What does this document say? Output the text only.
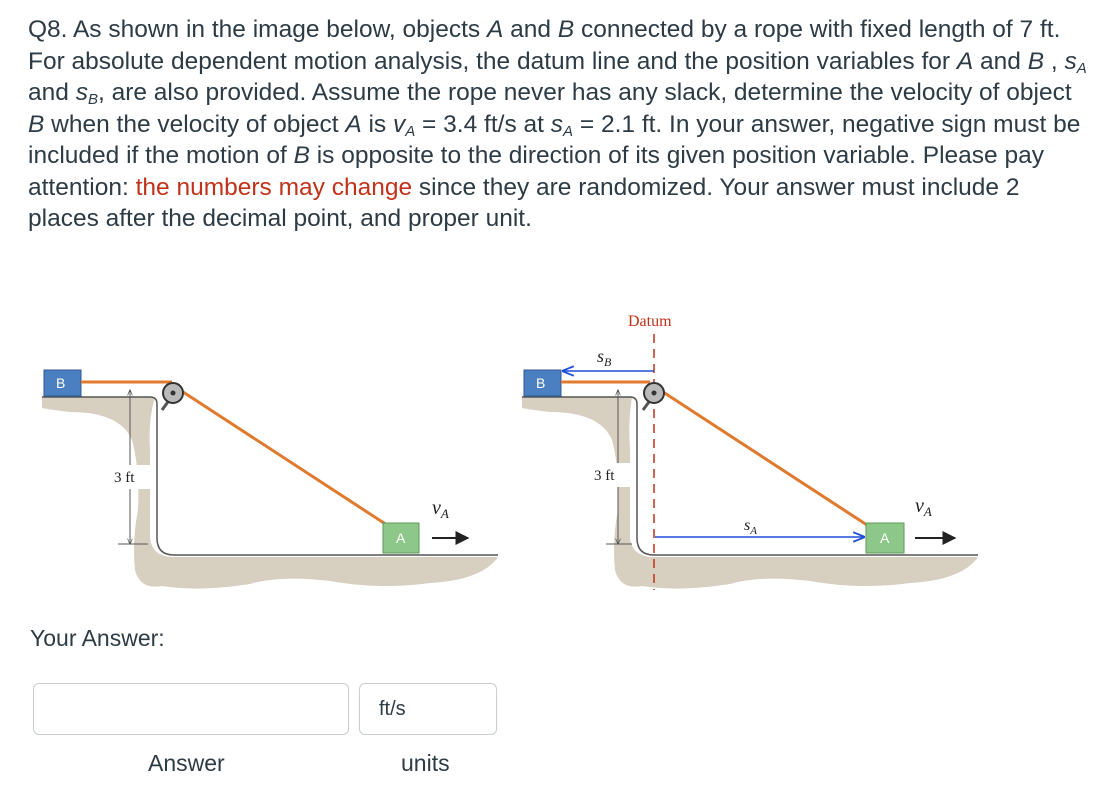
Q8. As shown in the image below, objects A and B connected by a rope with fixed length of 7 ft. For absolute dependent motion analysis, the datum line and the position variables for A and B , $s_A$ and $s_B$, are also provided. Assume the rope never has any slack, determine the velocity of object B when the velocity of object A is $v_A = 3.4$ ft/s at $s_A = 2.1$ ft. In your answer, negative sign must be included if the motion of B is opposite to the direction of its given position variable. Please pay attention: the numbers may change since they are randomized. Your answer must include 2 places after the decimal point, and proper unit.

3 ft
B
A
$v_A$
3 ft
Datum
B
$s_B$
$s_A$	A
$v_A$
Your Answer:
ft/s
Answer	units
